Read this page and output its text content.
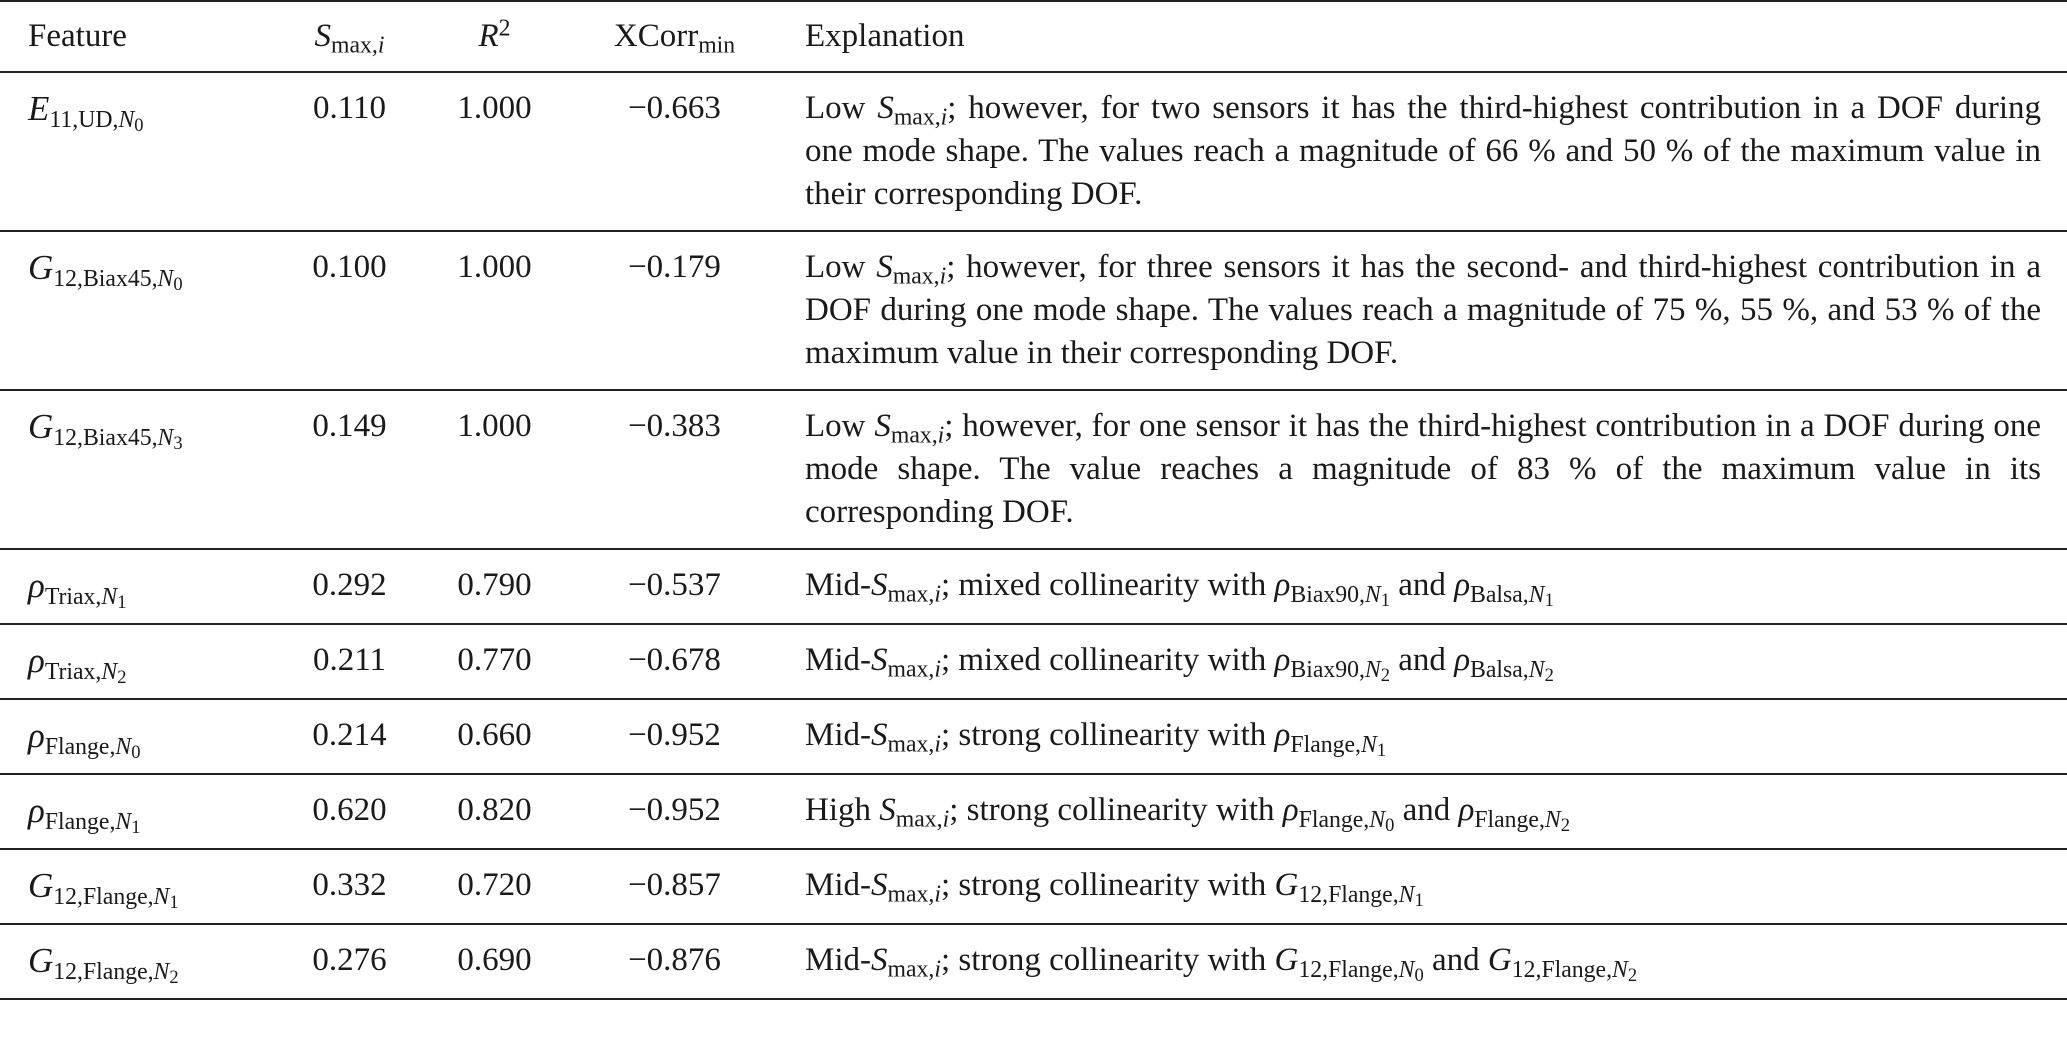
Feature	$S_{max,i}$	$R^2$	XCorr$_{min}$	Explanation
$E_{11,UD,N_0}$	0.110	1.000	−0.663	Low $S_{max,i}$; however, for two sensors it has the third-highest contribution in a DOF during one mode shape. The values reach a magnitude of 66 % and 50 % of the maximum value in their corresponding DOF.
$G_{12,Biax45,N_0}$	0.100	1.000	−0.179	Low $S_{max,i}$; however, for three sensors it has the second- and third-highest contribution in a DOF during one mode shape. The values reach a magnitude of 75 %, 55 %, and 53 % of the maximum value in their corresponding DOF.
$G_{12,Biax45,N_3}$	0.149	1.000	−0.383	Low $S_{max,i}$; however, for one sensor it has the third-highest contribution in a DOF during one mode shape. The value reaches a magnitude of 83 % of the maximum value in its corresponding DOF.
$\rho_{Triax,N_1}$	0.292	0.790	−0.537	Mid-$S_{max,i}$; mixed collinearity with $\rho_{Biax90,N_1}$ and $\rho_{Balsa,N_1}$
$\rho_{Triax,N_2}$	0.211	0.770	−0.678	Mid-$S_{max,i}$; mixed collinearity with $\rho_{Biax90,N_2}$ and $\rho_{Balsa,N_2}$
$\rho_{Flange,N_0}$	0.214	0.660	−0.952	Mid-$S_{max,i}$; strong collinearity with $\rho_{Flange,N_1}$
$\rho_{Flange,N_1}$	0.620	0.820	−0.952	High $S_{max,i}$; strong collinearity with $\rho_{Flange,N_0}$ and $\rho_{Flange,N_2}$
$G_{12,Flange,N_1}$	0.332	0.720	−0.857	Mid-$S_{max,i}$; strong collinearity with $G_{12,Flange,N_1}$
$G_{12,Flange,N_2}$	0.276	0.690	−0.876	Mid-$S_{max,i}$; strong collinearity with $G_{12,Flange,N_0}$ and $G_{12,Flange,N_2}$
